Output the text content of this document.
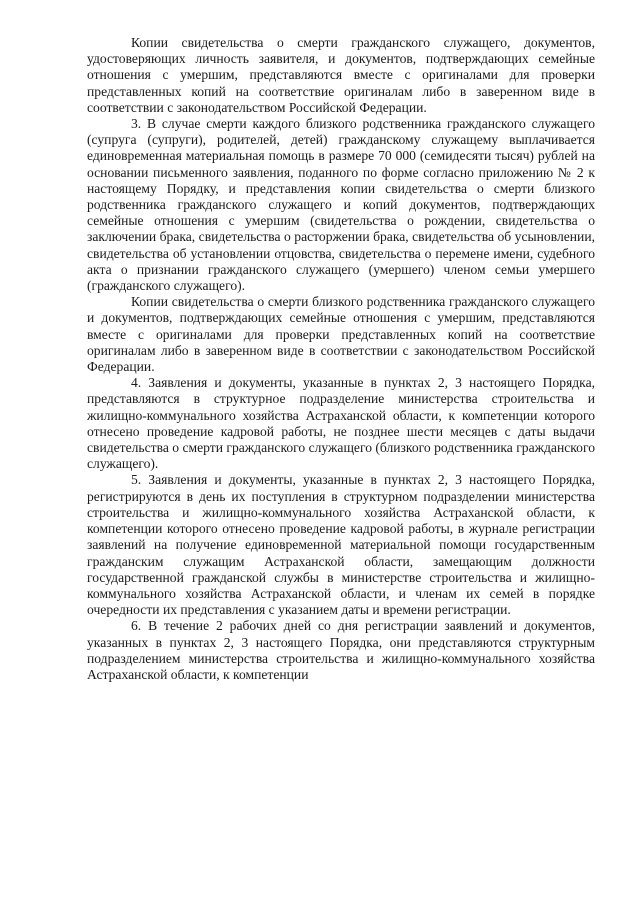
Копии свидетельства о смерти гражданского служащего, документов, удостоверяющих личность заявителя, и документов, подтверждающих семейные отношения с умершим, представляются вместе с оригиналами для проверки представленных копий на соответствие оригиналам либо в заверенном виде в соответствии с законодательством Российской Федерации.

3. В случае смерти каждого близкого родственника гражданского служащего (супруга (супруги), родителей, детей) гражданскому служащему выплачивается единовременная материальная помощь в размере 70 000 (семидесяти тысяч) рублей на основании письменного заявления, поданного по форме согласно приложению № 2 к настоящему Порядку, и представления копии свидетельства о смерти близкого родственника гражданского служащего и копий документов, подтверждающих семейные отношения с умершим (свидетельства о рождении, свидетельства о заключении брака, свидетельства о расторжении брака, свидетельства об усыновлении, свидетельства об установлении отцовства, свидетельства о перемене имени, судебного акта о признании гражданского служащего (умершего) членом семьи умершего (гражданского служащего).

Копии свидетельства о смерти близкого родственника гражданского служащего и документов, подтверждающих семейные отношения с умершим, представляются вместе с оригиналами для проверки представленных копий на соответствие оригиналам либо в заверенном виде в соответствии с законодательством Российской Федерации.

4. Заявления и документы, указанные в пунктах 2, 3 настоящего Порядка, представляются в структурное подразделение министерства строительства и жилищно-коммунального хозяйства Астраханской области, к компетенции которого отнесено проведение кадровой работы, не позднее шести месяцев с даты выдачи свидетельства о смерти гражданского служащего (близкого родственника гражданского служащего).

5. Заявления и документы, указанные в пунктах 2, 3 настоящего Порядка, регистрируются в день их поступления в структурном подразделении министерства строительства и жилищно-коммунального хозяйства Астраханской области, к компетенции которого отнесено проведение кадровой работы, в журнале регистрации заявлений на получение единовременной материальной помощи государственным гражданским служащим Астраханской области, замещающим должности государственной гражданской службы в министерстве строительства и жилищно-коммунального хозяйства Астраханской области, и членам их семей в порядке очередности их представления с указанием даты и времени регистрации.

6. В течение 2 рабочих дней со дня регистрации заявлений и документов, указанных в пунктах 2, 3 настоящего Порядка, они представляются структурным подразделением министерства строительства и жилищно-коммунального хозяйства Астраханской области, к компетенции
